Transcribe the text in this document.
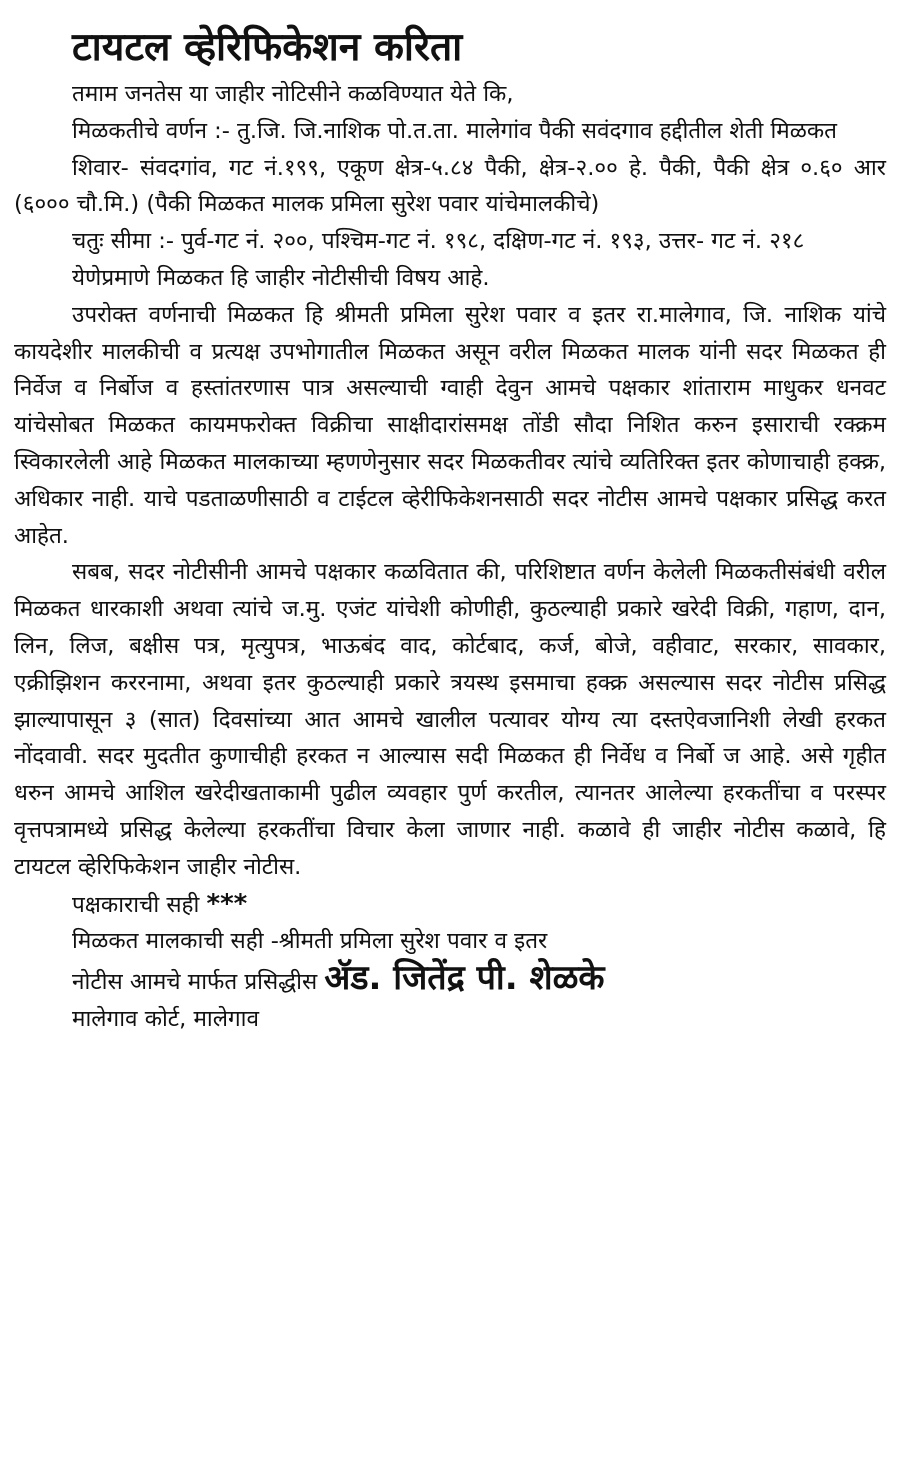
टायटल व्हेरिफिकेशन करिता

तमाम जनतेस या जाहीर नोटिसीने कळविण्यात येते कि,

मिळकतीचे वर्णन :- तु.जि. जि.नाशिक पो.त.ता. मालेगांव पैकी सवंदगाव हद्दीतील शेती मिळकत

शिवार- संवदगांव, गट नं.१९९, एकूण क्षेत्र-५.८४ पैकी, क्षेत्र-२.०० हे. पैकी, पैकी क्षेत्र ०.६० आर (६००० चौ.मि.) (पैकी मिळकत मालक प्रमिला सुरेश पवार यांचेमालकीचे)

चतुः सीमा :- पुर्व-गट नं. २००, पश्चिम-गट नं. १९८, दक्षिण-गट नं. १९३, उत्तर- गट नं. २१८

येणेप्रमाणे मिळकत हि जाहीर नोटीसीची विषय आहे.

उपरोक्त वर्णनाची मिळकत हि श्रीमती प्रमिला सुरेश पवार व इतर रा.मालेगाव, जि. नाशिक यांचे कायदेशीर मालकीची व प्रत्यक्ष उपभोगातील मिळकत असून वरील मिळकत मालक यांनी सदर मिळकत ही निर्वेज व निर्बोज व हस्तांतरणास पात्र असल्याची ग्वाही देवुन आमचे पक्षकार शांताराम माधुकर धनवट यांचेसोबत मिळकत कायमफरोक्त विक्रीचा साक्षीदारांसमक्ष तोंडी सौदा निशित करुन इसाराची रक्क्रम स्विकारलेली आहे मिळकत मालकाच्या म्हणणेनुसार सदर मिळकतीवर त्यांचे व्यतिरिक्त इतर कोणाचाही हक्क्र, अधिकार नाही. याचे पडताळणीसाठी व टाईटल व्हेरीफिकेशनसाठी सदर नोटीस आमचे पक्षकार प्रसिद्ध करत आहेत.

सबब, सदर नोटीसीनी आमचे पक्षकार कळवितात की, परिशिष्टात वर्णन केलेली मिळकतीसंबंधी वरील मिळकत धारकाशी अथवा त्यांचे ज.मु. एजंट यांचेशी कोणीही, कुठल्याही प्रकारे खरेदी विक्री, गहाण, दान, लिन, लिज, बक्षीस पत्र, मृत्युपत्र, भाऊबंद वाद, कोर्टबाद, कर्ज, बोजे, वहीवाट, सरकार, सावकार, एक्रीझिशन कररनामा, अथवा इतर कुठल्याही प्रकारे त्रयस्थ इसमाचा हक्क्र असल्यास सदर नोटीस प्रसिद्ध झाल्यापासून ३ (सात) दिवसांच्या आत आमचे खालील पत्यावर योग्य त्या दस्तऐवजानिशी लेखी हरकत नोंदवावी. सदर मुदतीत कुणाचीही हरकत न आल्यास सदी मिळकत ही निर्वेध व निर्बो ज आहे. असे गृहीत धरुन आमचे आशिल खरेदीखताकामी पुढील व्यवहार पुर्ण करतील, त्यानतर आलेल्या हरकतींचा व परस्पर वृत्तपत्रामध्ये प्रसिद्ध केलेल्या हरकतींचा विचार केला जाणार नाही. कळावे ही जाहीर नोटीस कळावे, हि टायटल व्हेरिफिकेशन जाहीर नोटीस.

पक्षकाराची सही ***

मिळकत मालकाची सही -श्रीमती प्रमिला सुरेश पवार व इतर

नोटीस आमचे मार्फत प्रसिद्धीस ॲड. जितेंद्र पी. शेळके

मालेगाव कोर्ट, मालेगाव
